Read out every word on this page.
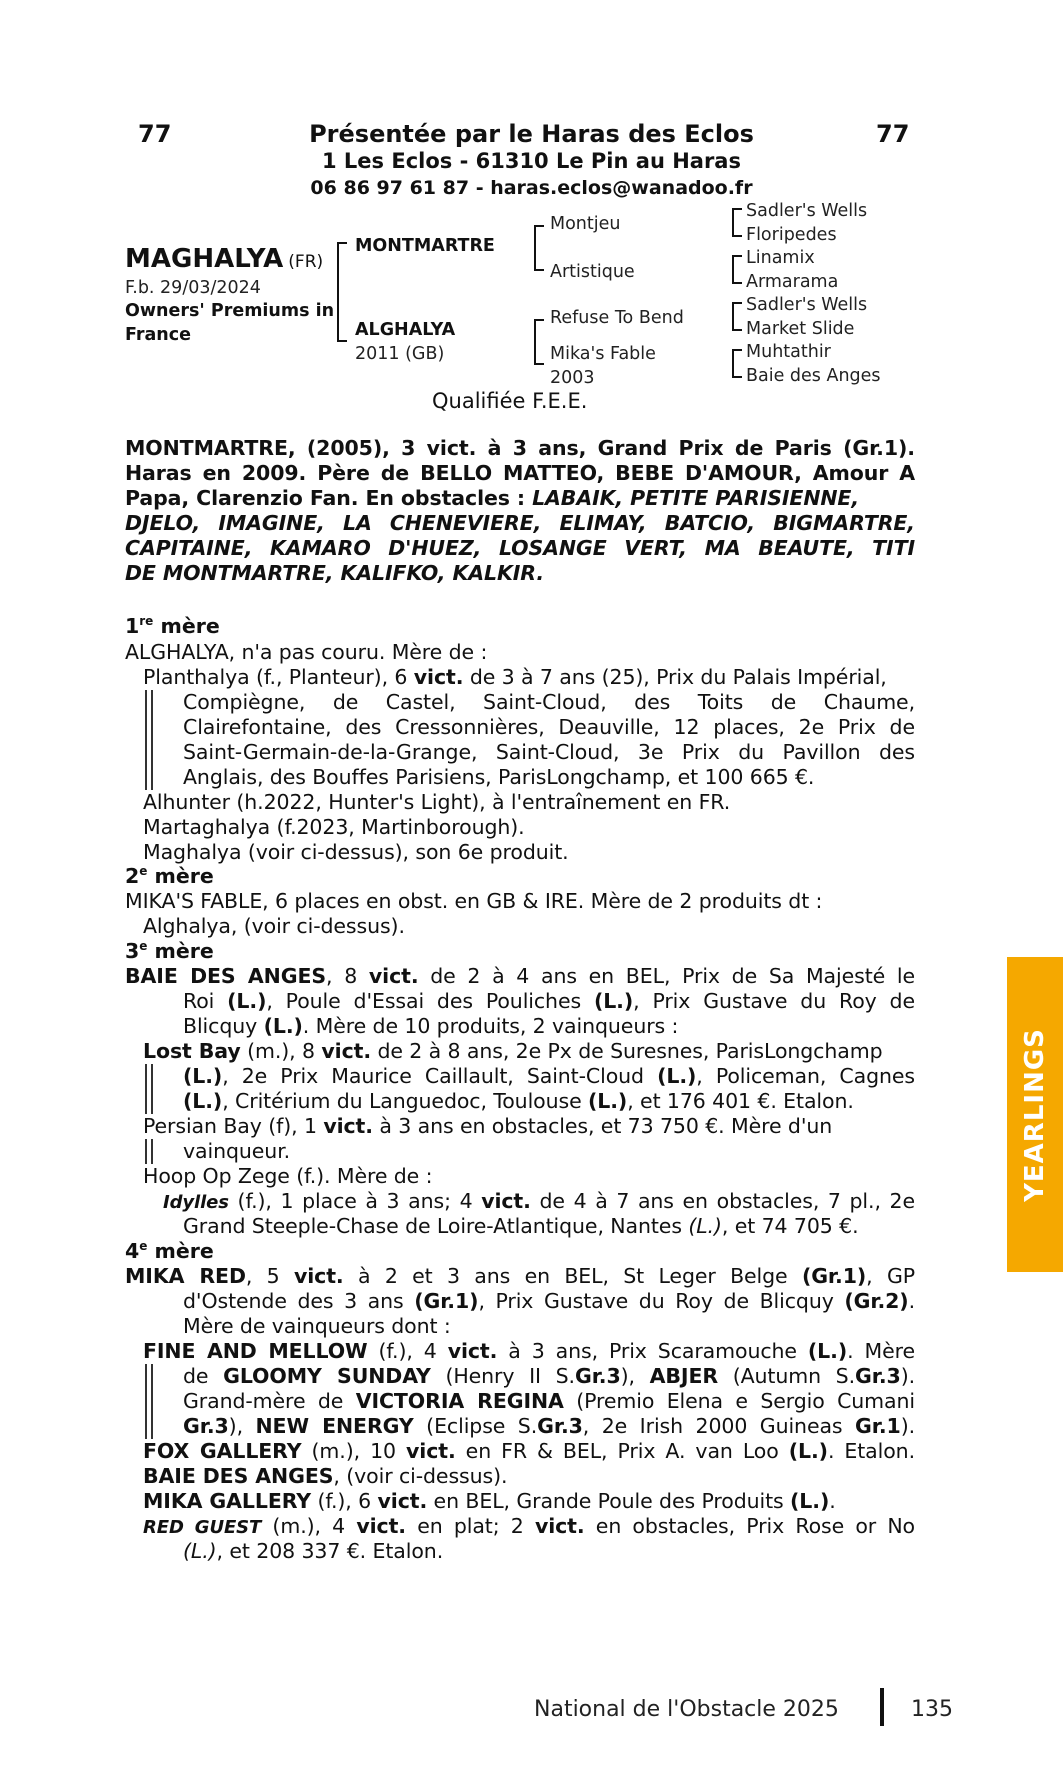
77	77
Présentée par le Haras des Eclos
1 Les Eclos - 61310 Le Pin au Haras
06 86 97 61 87 - haras.eclos@wanadoo.fr
MAGHALYA (FR)
F.b. 29/03/2024
Owners' Premiums in
France
MONTMARTRE
ALGHALYA
2011 (GB)
Montjeu
Artistique
Refuse To Bend
Mika's Fable
2003
Sadler's Wells
Floripedes
Linamix
Armarama
Sadler's Wells
Market Slide
Muhtathir
Baie des Anges
Qualifiée F.E.E.
MONTMARTRE, (2005), 3 vict. à 3 ans, Grand Prix de Paris (Gr.1).
Haras en 2009. Père de BELLO MATTEO, BEBE D'AMOUR, Amour A
Papa, Clarenzio Fan. En obstacles : LABAIK, PETITE PARISIENNE,
DJELO, IMAGINE, LA CHENEVIERE, ELIMAY, BATCIO, BIGMARTRE,
CAPITAINE, KAMARO D'HUEZ, LOSANGE VERT, MA BEAUTE, TITI
DE MONTMARTRE, KALIFKO, KALKIR.
1re mère
ALGHALYA, n'a pas couru. Mère de :
Planthalya (f., Planteur), 6 vict. de 3 à 7 ans (25), Prix du Palais Impérial,
Compiègne, de Castel, Saint-Cloud, des Toits de Chaume,
Clairefontaine, des Cressonnières, Deauville, 12 places, 2e Prix de
Saint-Germain-de-la-Grange, Saint-Cloud, 3e Prix du Pavillon des
Anglais, des Bouffes Parisiens, ParisLongchamp, et 100 665 €.
Alhunter (h.2022, Hunter's Light), à l'entraînement en FR.
Martaghalya (f.2023, Martinborough).
Maghalya (voir ci-dessus), son 6e produit.
2e mère
MIKA'S FABLE, 6 places en obst. en GB & IRE. Mère de 2 produits dt :
Alghalya, (voir ci-dessus).
3e mère
BAIE DES ANGES, 8 vict. de 2 à 4 ans en BEL, Prix de Sa Majesté le
Roi (L.), Poule d'Essai des Pouliches (L.), Prix Gustave du Roy de
Blicquy (L.). Mère de 10 produits, 2 vainqueurs :
Lost Bay (m.), 8 vict. de 2 à 8 ans, 2e Px de Suresnes, ParisLongchamp
(L.), 2e Prix Maurice Caillault, Saint-Cloud (L.), Policeman, Cagnes
(L.), Critérium du Languedoc, Toulouse (L.), et 176 401 €. Etalon.
Persian Bay (f), 1 vict. à 3 ans en obstacles, et 73 750 €. Mère d'un
vainqueur.
Hoop Op Zege (f.). Mère de :
Idylles (f.), 1 place à 3 ans; 4 vict. de 4 à 7 ans en obstacles, 7 pl., 2e
Grand Steeple-Chase de Loire-Atlantique, Nantes (L.), et 74 705 €.
4e mère
MIKA RED, 5 vict. à 2 et 3 ans en BEL, St Leger Belge (Gr.1), GP
d'Ostende des 3 ans (Gr.1), Prix Gustave du Roy de Blicquy (Gr.2).
Mère de vainqueurs dont :
FINE AND MELLOW (f.), 4 vict. à 3 ans, Prix Scaramouche (L.). Mère
de GLOOMY SUNDAY (Henry II S.Gr.3), ABJER (Autumn S.Gr.3).
Grand-mère de VICTORIA REGINA (Premio Elena e Sergio Cumani
Gr.3), NEW ENERGY (Eclipse S.Gr.3, 2e Irish 2000 Guineas Gr.1).
FOX GALLERY (m.), 10 vict. en FR & BEL, Prix A. van Loo (L.). Etalon.
BAIE DES ANGES, (voir ci-dessus).
MIKA GALLERY (f.), 6 vict. en BEL, Grande Poule des Produits (L.).
RED GUEST (m.), 4 vict. en plat; 2 vict. en obstacles, Prix Rose or No
(L.), et 208 337 €. Etalon.
YEARLINGS
National de l'Obstacle 2025	135
